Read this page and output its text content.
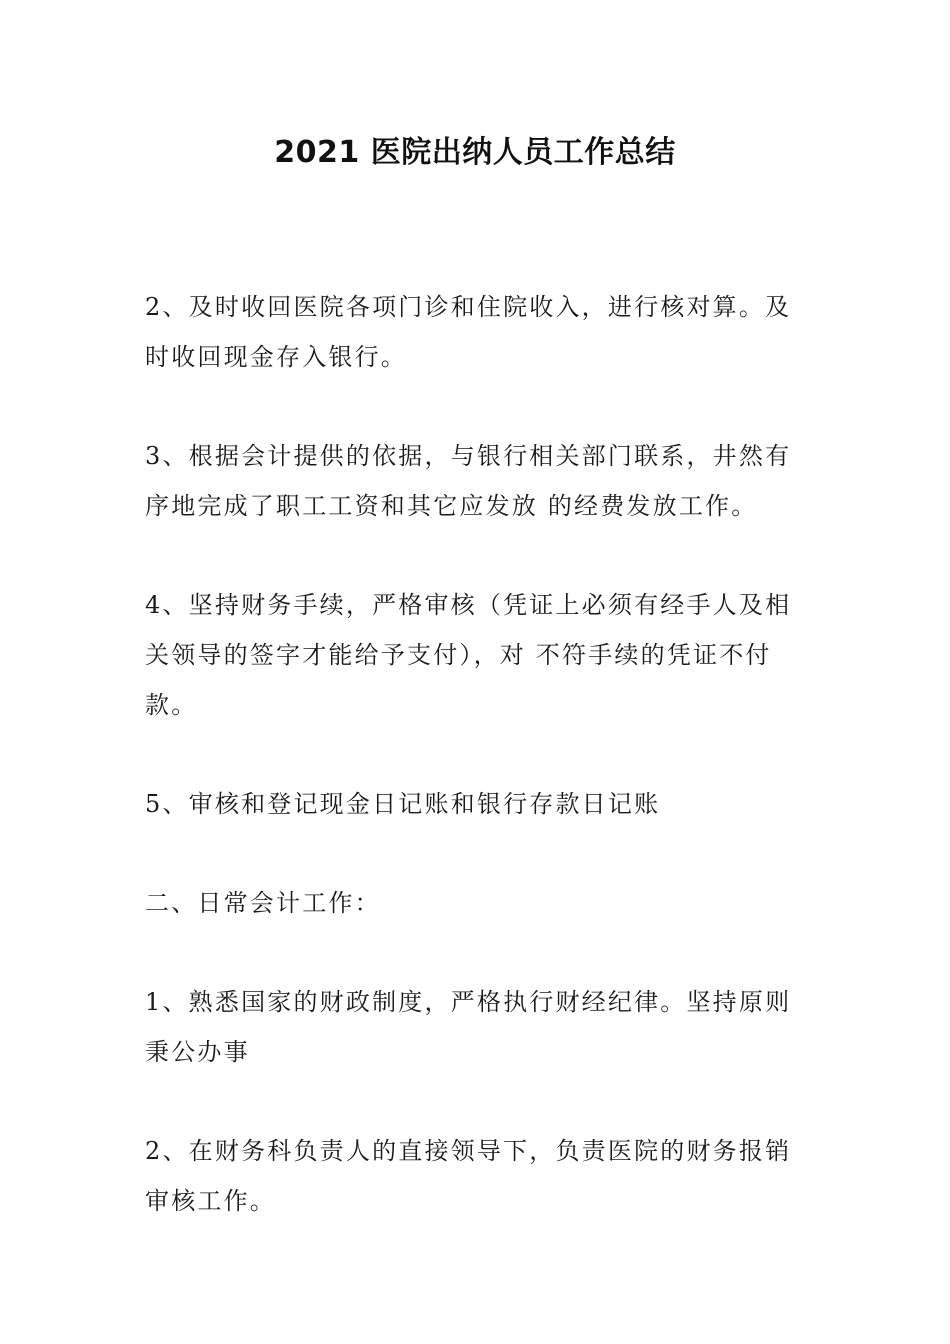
2021 医院出纳人员工作总结

2、及时收回医院各项门诊和住院收入，进行核对算。及时收回现金存入银行。

3、根据会计提供的依据，与银行相关部门联系，井然有序地完成了职工工资和其它应发放 的经费发放工作。

4、坚持财务手续，严格审核（凭证上必须有经手人及相关领导的签字才能给予支付），对 不符手续的凭证不付款。

5、审核和登记现金日记账和银行存款日记账

二、日常会计工作：

1、熟悉国家的财政制度，严格执行财经纪律。坚持原则秉公办事

2、在财务科负责人的直接领导下，负责医院的财务报销审核工作。
